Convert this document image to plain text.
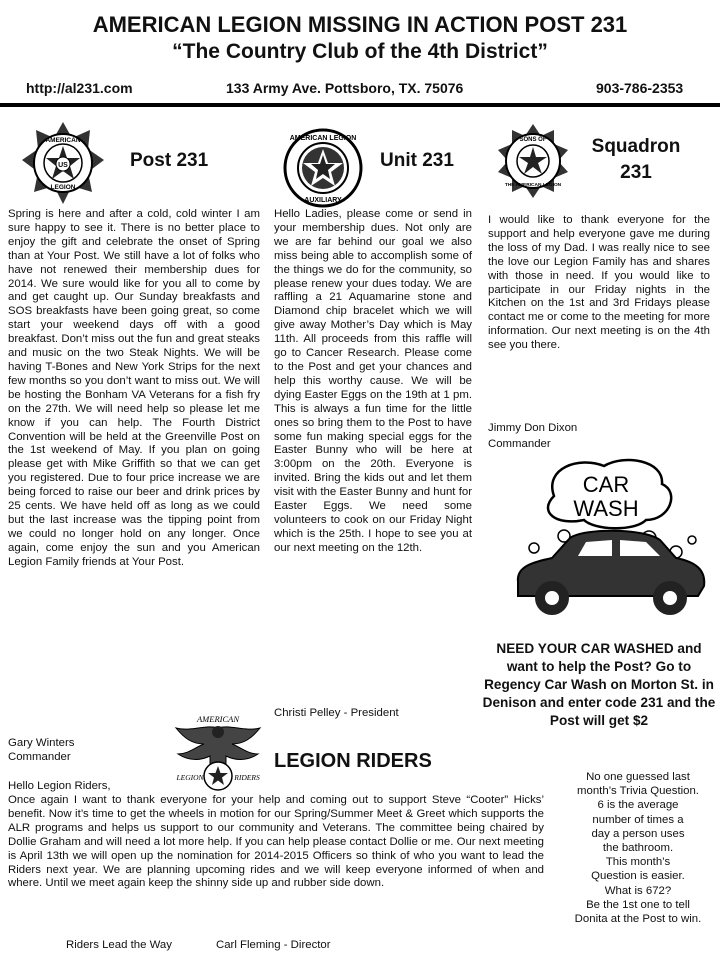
AMERICAN LEGION MISSING IN ACTION POST 231
“The Country Club of the 4th District”
http://al231.com	133 Army Ave. Pottsboro, TX. 75076	903-786-2353
US
AMERICAN
LEGION
Post 231

Spring is here and after a cold, cold winter I am sure happy to see it. There is no better place to enjoy the gift and celebrate the onset of Spring than at Your Post. We still have a lot of folks who have not renewed their membership dues for 2014. We sure would like for you all to come by and get caught up. Our Sunday breakfasts and SOS breakfasts have been going great, so come start your weekend days off with a good breakfast. Don’t miss out the fun and great steaks and music on the two Steak Nights. We will be having T-Bones and New York Strips for the next few months so you don’t want to miss out. We will be hosting the Bonham VA Veterans for a fish fry on the 27th. We will need help so please let me know if you can help. The Fourth District Convention will be held at the Greenville Post on the 1st weekend of May. If you plan on going please get with Mike Griffith so that we can get you registered. Due to four price increase we are being forced to raise our beer and drink prices by 25 cents. We have held off as long as we could but the last increase was the tipping point from we could no longer hold on any longer. Once again, come enjoy the sun and you American Legion Family friends at Your Post.

Gary Winters
Commander
AMERICAN LEGION
AUXILIARY
Unit 231

Hello Ladies, please come or send in your membership dues. Not only are we are far behind our goal we also miss being able to accomplish some of the things we do for the community, so please renew your dues today. We are raffling a 21 Aquamarine stone and Diamond chip bracelet which we will give away Mother’s Day which is May 11th. All proceeds from this raffle will go to Cancer Research. Please come to the Post and get your chances and help this worthy cause. We will be dying Easter Eggs on the 19th at 1 pm. This is always a fun time for the little ones so bring them to the Post to have some fun making special eggs for the Easter Bunny who will be here at 3:00pm on the 20th. Everyone is invited. Bring the kids out and let them visit with the Easter Bunny and hunt for Easter Eggs. We need some volunteers to cook on our Friday Night which is the 25th. I hope to see you at our next meeting on the 12th.

Christi Pelley - President
SONS OF
THE AMERICAN LEGION
Squadron
231

I would like to thank everyone for the support and help everyone gave me during the loss of my Dad. I was really nice to see the love our Legion Family has and shares with those in need. If you would like to participate in our Friday nights in the Kitchen on the 1st and 3rd Fridays please contact me or come to the meeting for more information. Our next meeting is on the 4th see you there.

Jimmy Don Dixon
Commander
CAR
WASH
NEED YOUR CAR WASHED and want to help the Post? Go to Regency Car Wash on Morton St. in Denison and enter code 231 and the Post will get $2
AMERICAN
LEGION	RIDERS
LEGION RIDERS
Hello Legion Riders,

Once again I want to thank everyone for your help and coming out to support Steve “Cooter” Hicks’ benefit. Now it’s time to get the wheels in motion for our Spring/Summer Meet & Greet which supports the ALR programs and helps us support to our community and Veterans. The committee being chaired by Dollie Graham and will need a lot more help. If you can help please contact Dollie or me. Our next meeting is April 13th we will open up the nomination for 2014-2015 Officers so think of who you want to lead the Riders next year. We are planning upcoming rides and we will keep everyone informed of when and where. Until we meet again keep the shinny side up and rubber side down.

Riders Lead the Way	Carl Fleming - Director
No one guessed last
month’s Trivia Question.
6 is the average
number of times a
day a person uses
the bathroom.
This month’s
Question is easier.
What is 672?
Be the 1st one to tell
Donita at the Post to win.
